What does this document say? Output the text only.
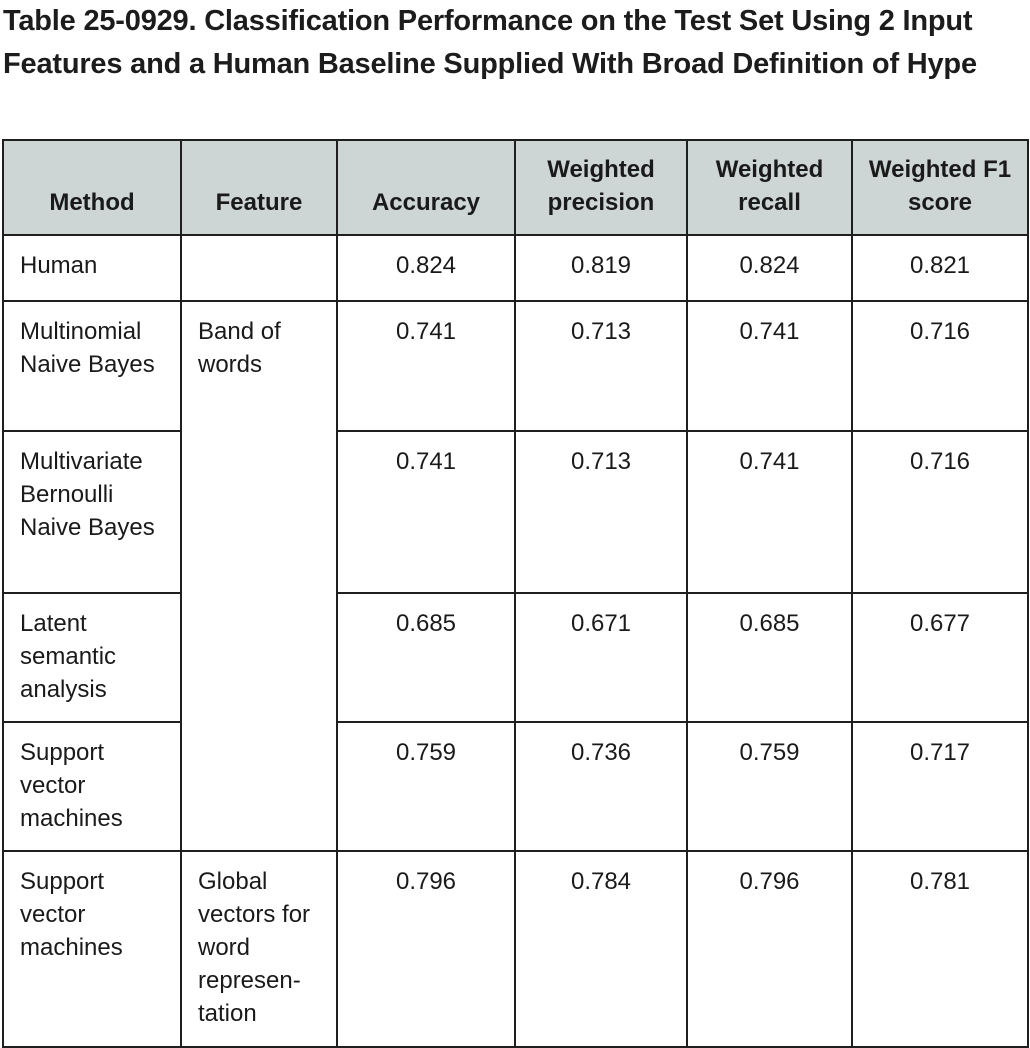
Table 25-0929. Classification Performance on the Test Set Using 2 Input Features and a Human Baseline Supplied With Broad Definition of Hype
Method	Feature	Accuracy	Weighted precision	Weighted recall	Weighted F1 score
Human		0.824	0.819	0.824	0.821
Multinomial Naive Bayes	Band of words	0.741	0.713	0.741	0.716
Multivariate Bernoulli Naive Bayes		0.741	0.713	0.741	0.716
Latent semantic analysis		0.685	0.671	0.685	0.677
Support vector machines		0.759	0.736	0.759	0.717
Support vector machines	Global vectors for word represen-tation	0.796	0.784	0.796	0.781
